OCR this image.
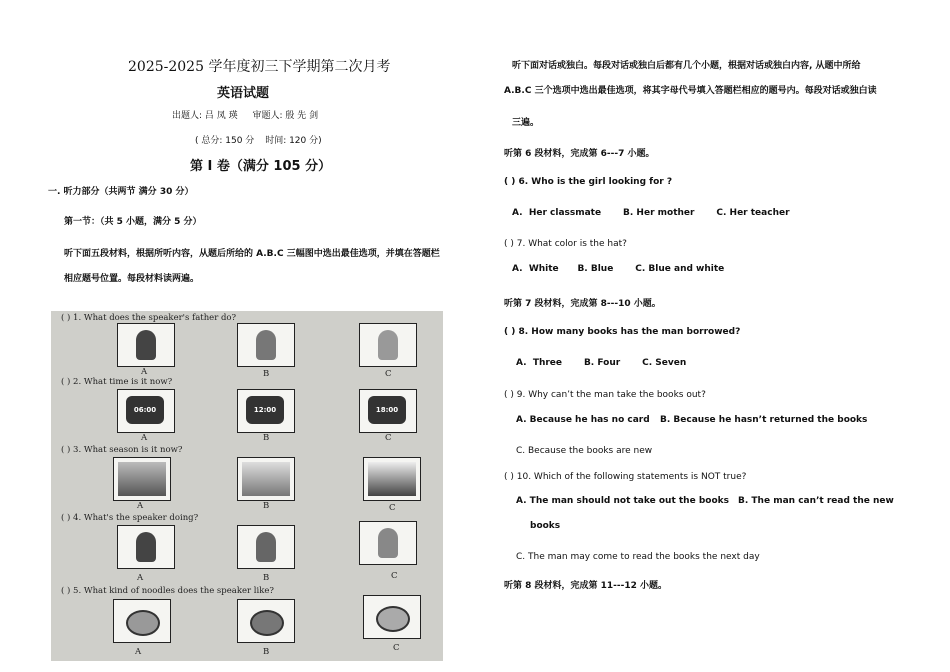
2025-2025 学年度初三下学期第二次月考
英语试题
出题人: 吕 凤 瑛 审题人: 殷 先 剑
( 总分: 150 分 时间: 120 分)
第 I 卷（满分 105 分）
一. 听力部分（共两节 满分 30 分）
第一节：（共 5 小题，满分 5 分）
听下面五段材料，根据所听内容，从题后所给的 A.B.C 三幅图中选出最佳选项，并填在答题栏
相应题号位置。每段材料读两遍。
( ) 1. What does the speaker's father do?
A	B	C
( ) 2. What time is it now?
06:00	12:00	18:00
A	B	C
( ) 3. What season is it now?
A	B	C
( ) 4. What's the speaker doing?
A	B	C
( ) 5. What kind of noodles does the speaker like?
A	B	C
听下面对话或独白。每段对话或独白后都有几个小题，根据对话或独白内容, 从题中所给
A.B.C 三个选项中选出最佳选项，将其字母代号填入答题栏相应的题号内。每段对话或独白读
三遍。
听第 6 段材料，完成第 6---7 小题。
( ) 6. Who is the girl looking for ?
A.  Her classmate       B. Her mother       C. Her teacher
( ) 7. What color is the hat?
A.  White      B. Blue       C. Blue and white
听第 7 段材料，完成第 8---10 小题。
( ) 8. How many books has the man borrowed?
A.  Three       B. Four       C. Seven
( ) 9. Why can’t the man take the books out?
A. Because he has no card B. Because he hasn’t returned the books
C. Because the books are new
( ) 10. Which of the following statements is NOT true?
A. The man should not take out the books B. The man can’t read the new
books
C. The man may come to read the books the next day
听第 8 段材料，完成第 11---12 小题。
